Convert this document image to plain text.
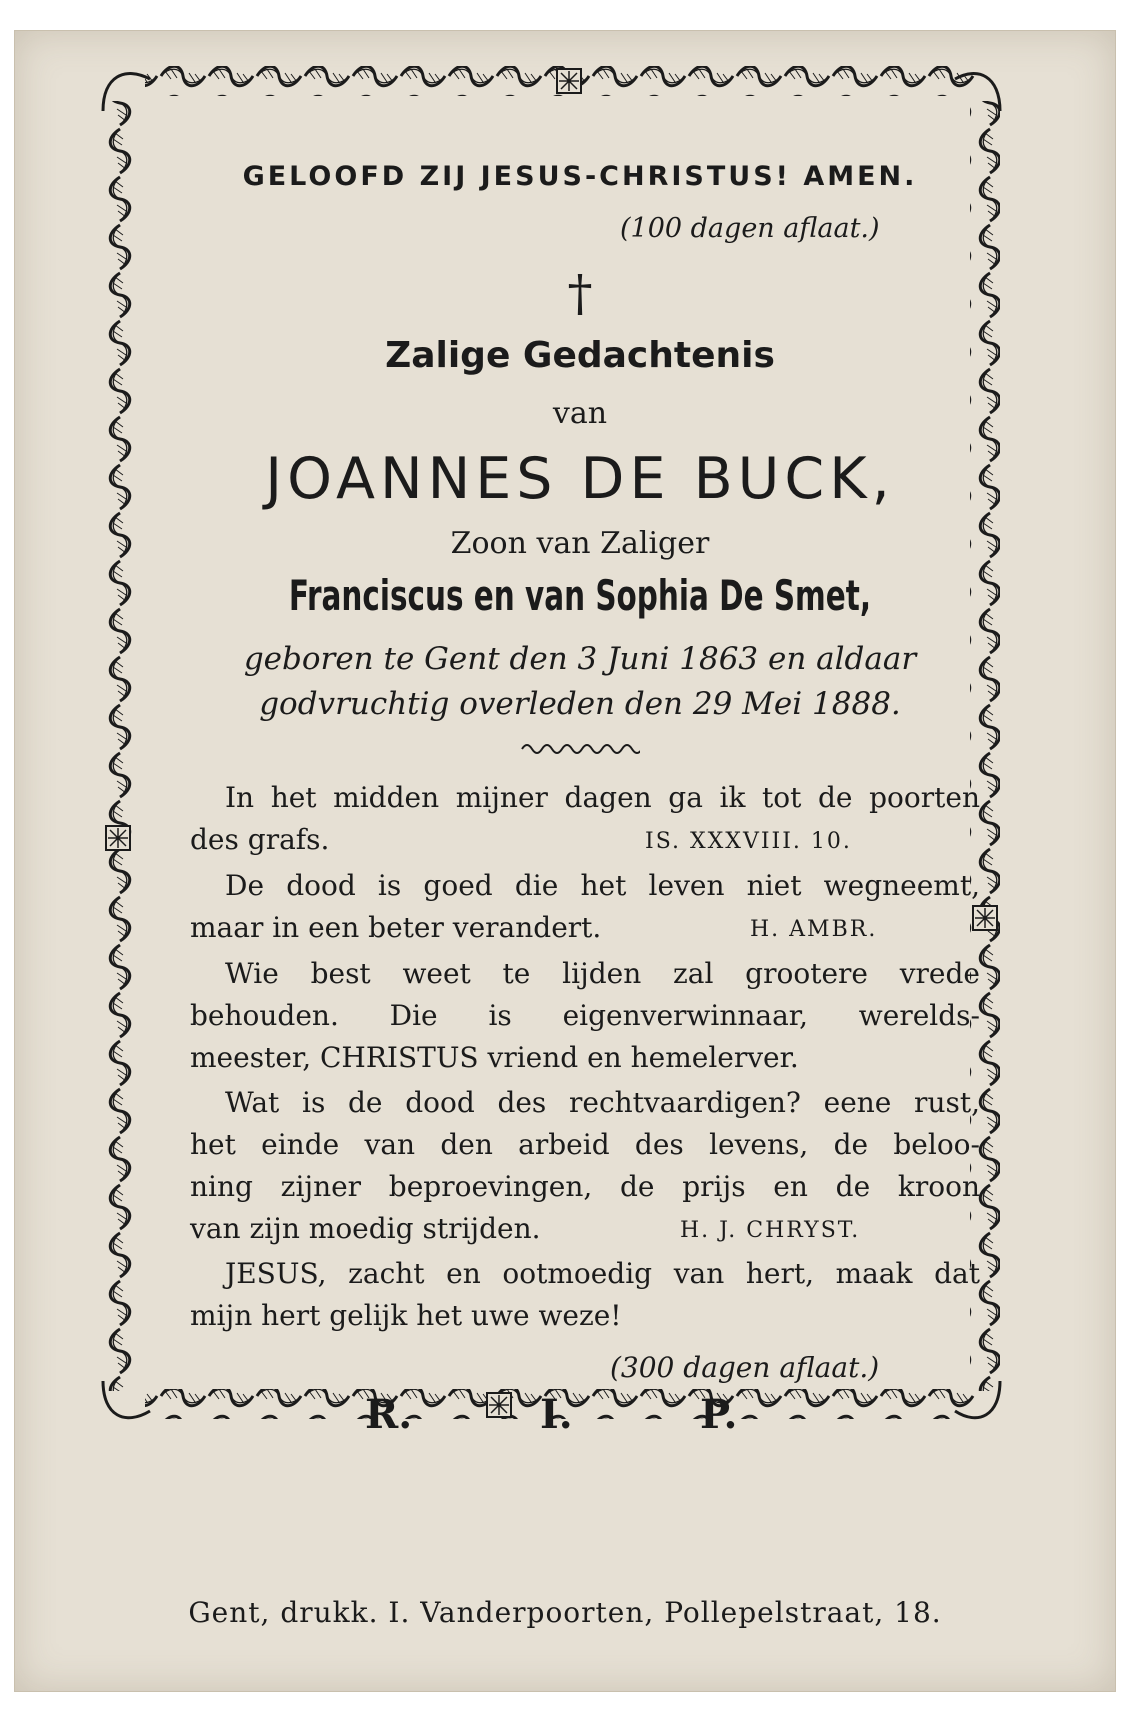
GELOOFD ZIJ JESUS-CHRISTUS! AMEN.
(100 dagen aflaat.)
†
Zalige Gedachtenis
van
JOANNES DE BUCK,
Zoon van Zaliger
Franciscus en van Sophia De Smet,
geboren te Gent den 3 Juni 1863 en aldaar
godvruchtig overleden den 29 Mei 1888.
In het midden mijner dagen ga ik tot de poorten
des grafs.	IS. XXXVIII. 10.
De dood is goed die het leven niet wegneemt,
maar in een beter verandert.	H. AMBR.
Wie best weet te lijden zal grootere vrede
behouden. Die is eigenverwinnaar, werelds-
meester, CHRISTUS vriend en hemelerver.
Wat is de dood des rechtvaardigen? eene rust,
het einde van den arbeid des levens, de beloo-
ning zijner beproevingen, de prijs en de kroon
van zijn moedig strijden.	H. J. CHRYST.
JESUS, zacht en ootmoedig van hert, maak dat
mijn hert gelijk het uwe weze!
(300 dagen aflaat.)
R.	I.	P.
Gent, drukk. I. Vanderpoorten, Pollepelstraat, 18.
